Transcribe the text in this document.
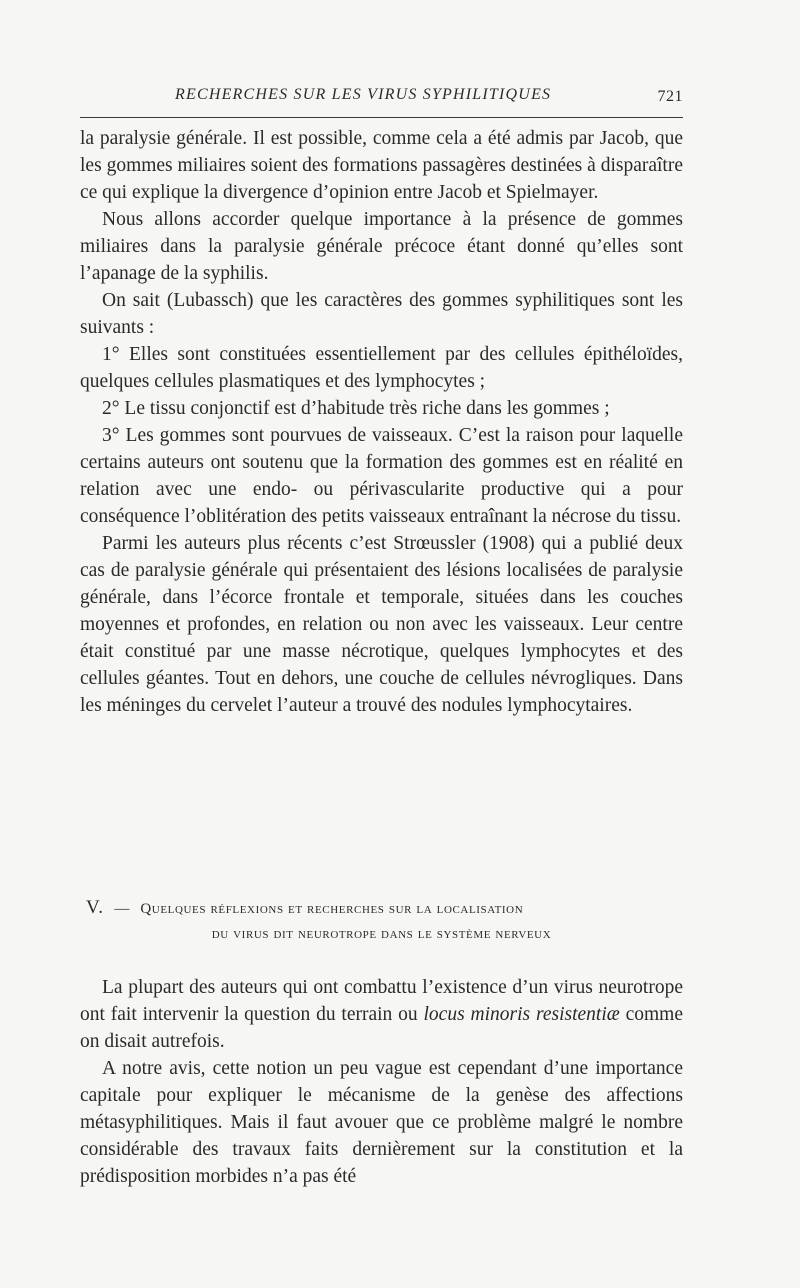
RECHERCHES SUR LES VIRUS SYPHILITIQUES	721

la paralysie générale. Il est possible, comme cela a été admis par Jacob, que les gommes miliaires soient des formations passagères destinées à disparaître ce qui explique la divergence d’opinion entre Jacob et Spielmayer.

Nous allons accorder quelque importance à la présence de gommes miliaires dans la paralysie générale précoce étant donné qu’elles sont l’apanage de la syphilis.

On sait (Lubassch) que les caractères des gommes syphilitiques sont les suivants :

1° Elles sont constituées essentiellement par des cellules épithéloïdes, quelques cellules plasmatiques et des lymphocytes ;

2° Le tissu conjonctif est d’habitude très riche dans les gommes ;

3° Les gommes sont pourvues de vaisseaux. C’est la raison pour laquelle certains auteurs ont soutenu que la formation des gommes est en réalité en relation avec une endo- ou périvascularite productive qui a pour conséquence l’oblitération des petits vaisseaux entraînant la nécrose du tissu.

Parmi les auteurs plus récents c’est Strœussler (1908) qui a publié deux cas de paralysie générale qui présentaient des lésions localisées de paralysie générale, dans l’écorce frontale et temporale, situées dans les couches moyennes et profondes, en relation ou non avec les vaisseaux. Leur centre était constitué par une masse nécrotique, quelques lymphocytes et des cellules géantes. Tout en dehors, une couche de cellules névrogliques. Dans les méninges du cervelet l’auteur a trouvé des nodules lymphocytaires.

V. — Quelques réflexions et recherches sur la localisation
du virus dit neurotrope dans le système nerveux

La plupart des auteurs qui ont combattu l’existence d’un virus neurotrope ont fait intervenir la question du terrain ou locus minoris resistentiæ comme on disait autrefois.

A notre avis, cette notion un peu vague est cependant d’une importance capitale pour expliquer le mécanisme de la genèse des affections métasyphilitiques. Mais il faut avouer que ce problème malgré le nombre considérable des travaux faits dernièrement sur la constitution et la prédisposition morbides n’a pas été
